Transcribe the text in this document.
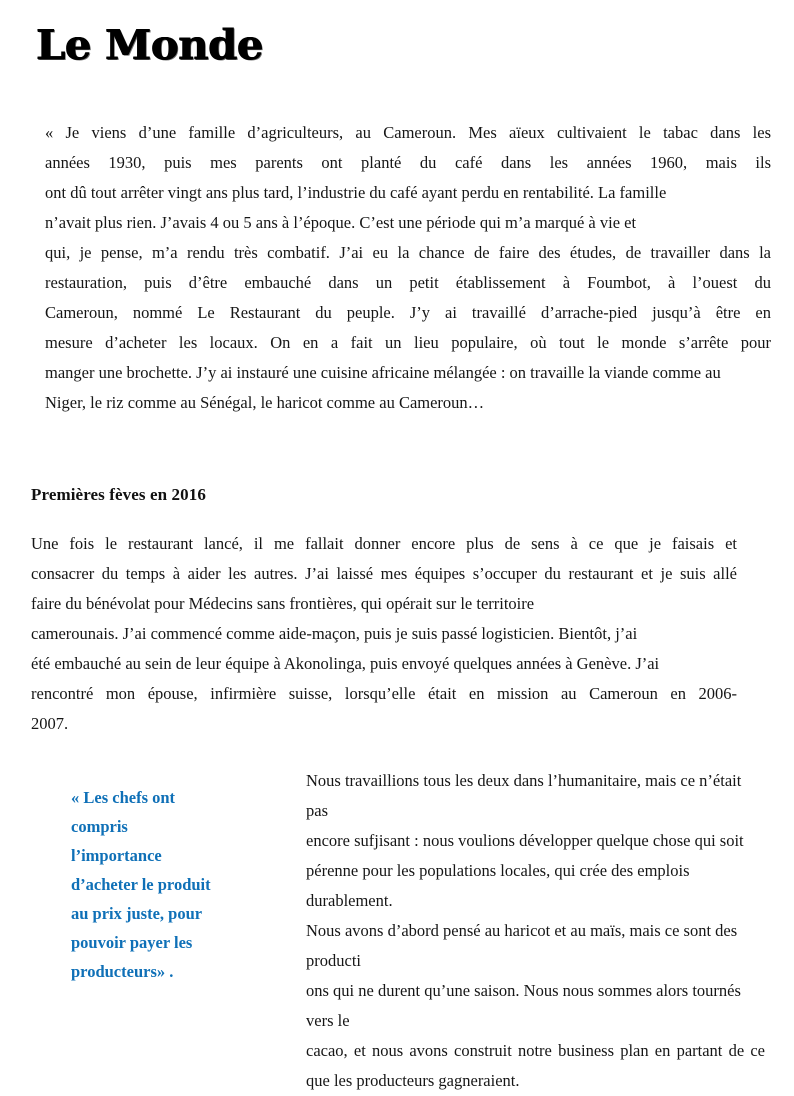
Le Monde
« Je viens d’une famille d’agriculteurs, au Cameroun. Mes aïeux cultivaient le tabac dans les
années 1930, puis mes parents ont planté du café dans les années 1960, mais ils
ont dû tout arrêter vingt ans plus tard, l’industrie du café ayant perdu en rentabilité. La famille
n’avait plus rien. J’avais 4 ou 5 ans à l’époque. C’est une période qui m’a marqué à vie et
qui, je pense, m’a rendu très combatif. J’ai eu la chance de faire des études, de travailler dans la
restauration, puis d’être embauché dans un petit établissement à Foumbot, à l’ouest du
Cameroun, nommé Le Restaurant du peuple. J’y ai travaillé d’arrache-pied jusqu’à être en
mesure d’acheter les locaux. On en a fait un lieu populaire, où tout le monde s’arrête pour
manger une brochette. J’y ai instauré une cuisine africaine mélangée : on travaille la viande comme au
Niger, le riz comme au Sénégal, le haricot comme au Cameroun…
Premières fèves en 2016
Une fois le restaurant lancé, il me fallait donner encore plus de sens à ce que je faisais et
consacrer du temps à aider les autres. J’ai laissé mes équipes s’occuper du restaurant et je suis allé
faire du bénévolat pour Médecins sans frontières, qui opérait sur le territoire
camerounais. J’ai commencé comme aide-maçon, puis je suis passé logisticien. Bientôt, j’ai
été embauché au sein de leur équipe à Akonolinga, puis envoyé quelques années à Genève. J’ai
rencontré mon épouse, infirmière suisse, lorsqu’elle était en mission au Cameroun en 2006-
2007.
« Les chefs ont compris l’importance d’acheter le produit au prix juste, pour pouvoir payer les producteurs» .
Nous travaillions tous les deux dans l’humanitaire, mais ce n’était pas
encore sufjisant : nous voulions développer quelque chose qui soit
pérenne pour les populations locales, qui crée des emplois durablement.
Nous avons d’abord pensé au haricot et au maïs, mais ce sont des producti
ons qui ne durent qu’une saison. Nous nous sommes alors tournés vers le
cacao, et nous avons construit notre business plan en partant de ce
que les producteurs gagneraient.
